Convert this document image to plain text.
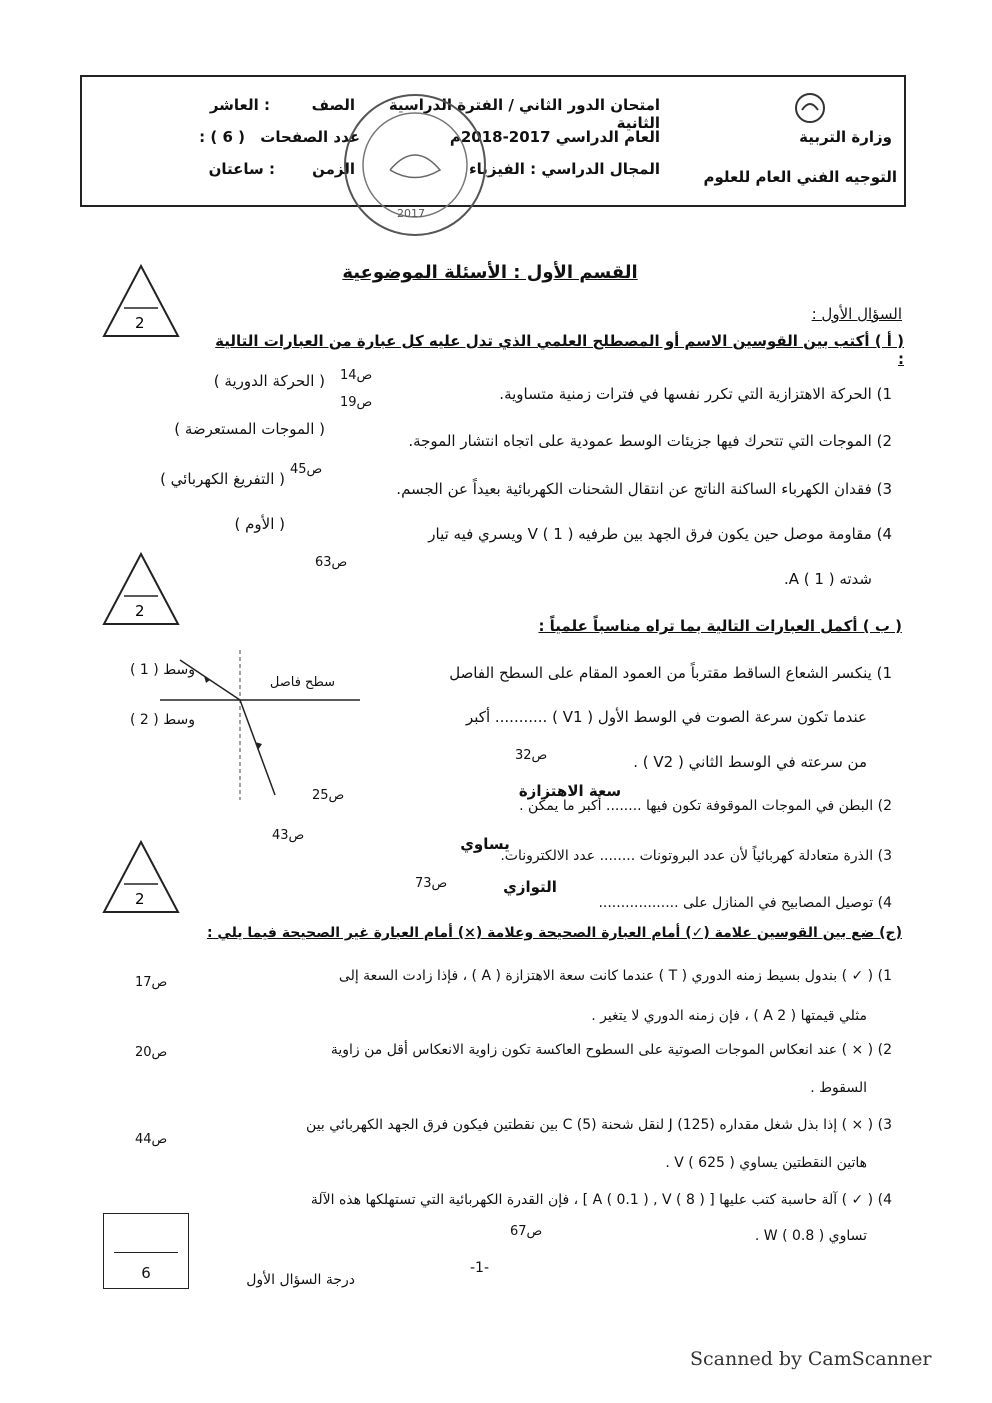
وزارة التربية
التوجيه الفني العام للعلوم
امتحان الدور الثاني / الفترة الدراسية الثانية
العام الدراسي 2017-2018م
المجال الدراسي : الفيزياء
الصف
: العاشر
عدد الصفحات
: ( 6 )
الزمن
: ساعتان
2017
القسم الأول : الأسئلة الموضوعية
2	السؤال الأول :
( أ ) أكتب بين القوسين الاسم أو المصطلح العلمي الذي تدل عليه كل عبارة من العبارات التالية :
1) الحركة الاهتزازية التي تكرر نفسها في فترات زمنية متساوية.
ص14
( الحركة الدورية )
2) الموجات التي تتحرك فيها جزيئات الوسط عمودية على اتجاه انتشار الموجة.
ص19
( الموجات المستعرضة )
3) فقدان الكهرباء الساكنة الناتج عن انتقال الشحنات الكهربائية بعيداً عن الجسم.
ص45
( التفريغ الكهربائي )
4) مقاومة موصل حين يكون فرق الجهد بين طرفيه V ( 1 ) ويسري فيه تيار
شدته A ( 1 ).
ص63
( الأوم )
2
( ب ) أكمل العبارات التالية بما تراه مناسباً علمياً :
وسط ( 1 )
وسط ( 2 )
سطح فاصل
1) ينكسر الشعاع الساقط مقترباً من العمود المقام على السطح الفاصل
عندما تكون سرعة الصوت في الوسط الأول ( V1 ) ........... أكبر
من سرعته في الوسط الثاني ( V2 ) .
ص32
2) البطن في الموجات الموقوفة تكون فيها ........ أكبر ما يمكن .
سعة الاهتزازة
ص25
3) الذرة متعادلة كهربائياً لأن عدد البروتونات ........ عدد الالكترونات.
يساوي
ص43
4) توصيل المصابيح في المنازل على ..................
التوازي
ص73
2
(ج) ضع بين القوسين علامة (✓) أمام العبارة الصحيحة وعلامة (×) أمام العبارة غير الصحيحة فيما يلي :
1) ( ✓ ) بندول بسيط زمنه الدوري ( T ) عندما كانت سعة الاهتزازة ( A ) ، فإذا زادت السعة إلى
مثلي قيمتها ( 2 A ) ، فإن زمنه الدوري لا يتغير .
ص17
2) ( × ) عند انعكاس الموجات الصوتية على السطوح العاكسة تكون زاوية الانعكاس أقل من زاوية
السقوط .
ص20
3) ( × ) إذا بذل شغل مقداره J (125) لنقل شحنة C (5) بين نقطتين فيكون فرق الجهد الكهربائي بين
هاتين النقطتين يساوي V ( 625 ) .
ص44
4) ( ✓ ) آلة حاسبة كتب عليها [ A ( 0.1 ) , V ( 8 ) ] ، فإن القدرة الكهربائية التي تستهلكها هذه الآلة
تساوي W ( 0.8 ) .
ص67
6	درجة السؤال الأول
-1-
Scanned by CamScanner
